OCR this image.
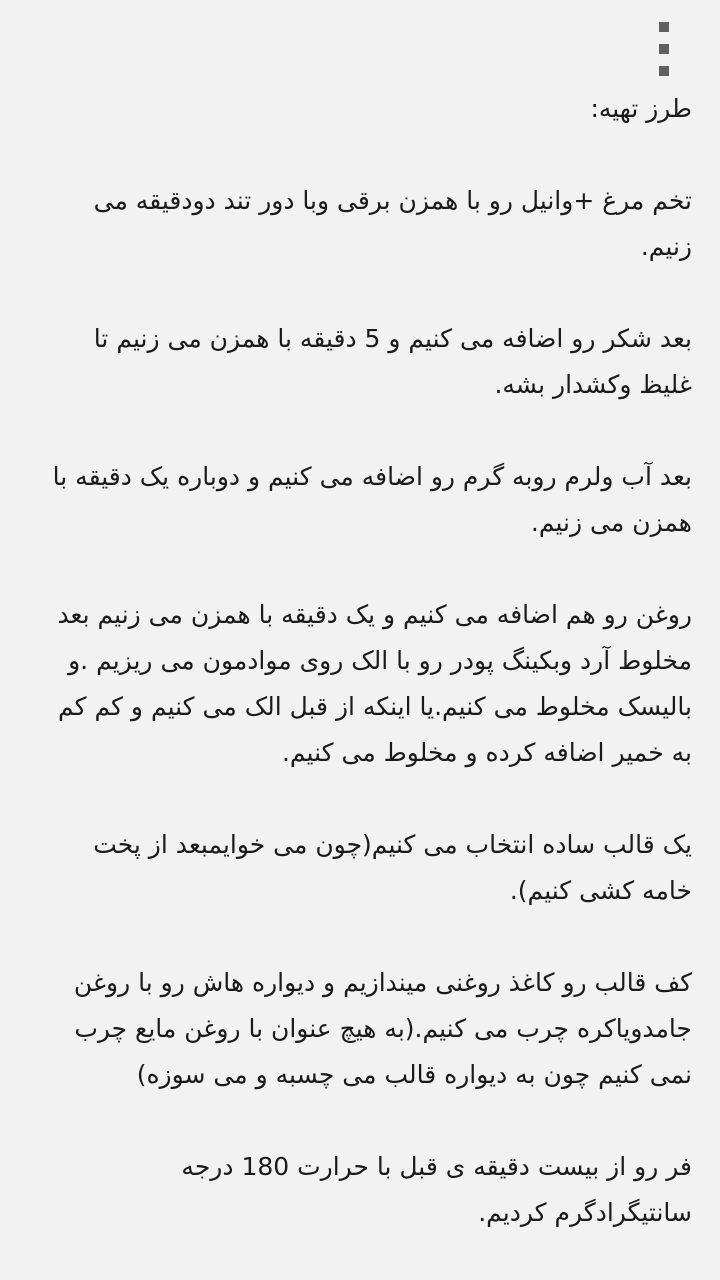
طرز تهیه:

تخم مرغ +وانیل رو با همزن برقی وبا دور تند دودقیقه می زنیم.

بعد شکر رو اضافه می کنیم و 5 دقیقه با همزن می زنیم تا غلیظ وکشدار بشه.

بعد آب ولرم روبه گرم رو اضافه می کنیم و دوباره یک دقیقه با همزن می زنیم.

روغن رو هم اضافه می کنیم و یک دقیقه با همزن می زنیم بعد مخلوط آرد وبکینگ پودر رو با الک روی موادمون می ریزیم .و بالیسک مخلوط می کنیم.یا اینکه از قبل الک می کنیم و کم کم به خمیر اضافه کرده و مخلوط می کنیم.

یک قالب ساده انتخاب می کنیم(چون می خوایمبعد از پخت خامه کشی کنیم).

کف قالب رو کاغذ روغنی میندازیم و دیواره هاش رو با روغن جامدویاکره چرب می کنیم.(به هیچ عنوان با روغن مایع چرب نمی کنیم چون به دیواره قالب می چسبه و می سوزه)

فر رو از بیست دقیقه ی قبل با حرارت 180 درجه سانتیگرادگرم کردیم.
